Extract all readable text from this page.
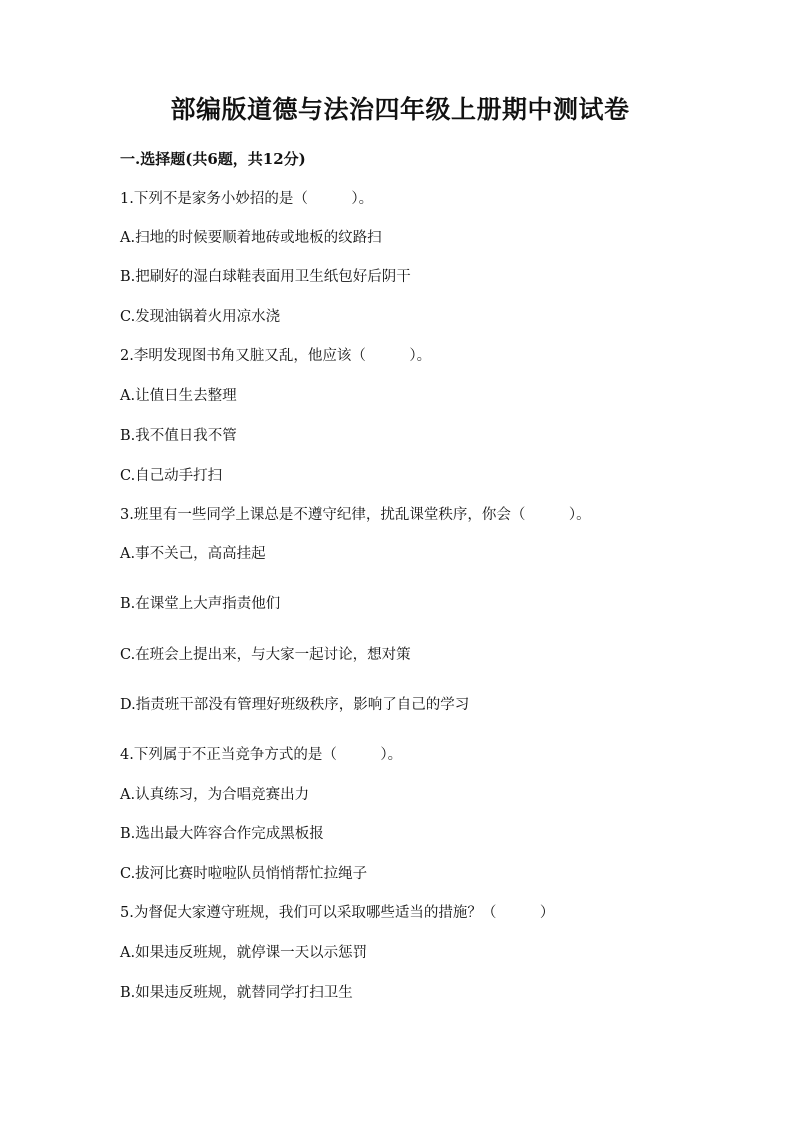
部编版道德与法治四年级上册期中测试卷
一.选择题(共6题，共12分)
1.下列不是家务小妙招的是（　　　）。
A.扫地的时候要顺着地砖或地板的纹路扫
B.把刷好的湿白球鞋表面用卫生纸包好后阴干
C.发现油锅着火用凉水浇
2.李明发现图书角又脏又乱，他应该（　　　）。
A.让值日生去整理
B.我不值日我不管
C.自己动手打扫
3.班里有一些同学上课总是不遵守纪律，扰乱课堂秩序，你会（　　　）。
A.事不关己，高高挂起
B.在课堂上大声指责他们
C.在班会上提出来，与大家一起讨论，想对策
D.指责班干部没有管理好班级秩序，影响了自己的学习
4.下列属于不正当竞争方式的是（　　　）。
A.认真练习，为合唱竞赛出力
B.选出最大阵容合作完成黑板报
C.拔河比赛时啦啦队员悄悄帮忙拉绳子
5.为督促大家遵守班规，我们可以采取哪些适当的措施？（　　　）
A.如果违反班规，就停课一天以示惩罚
B.如果违反班规，就替同学打扫卫生
